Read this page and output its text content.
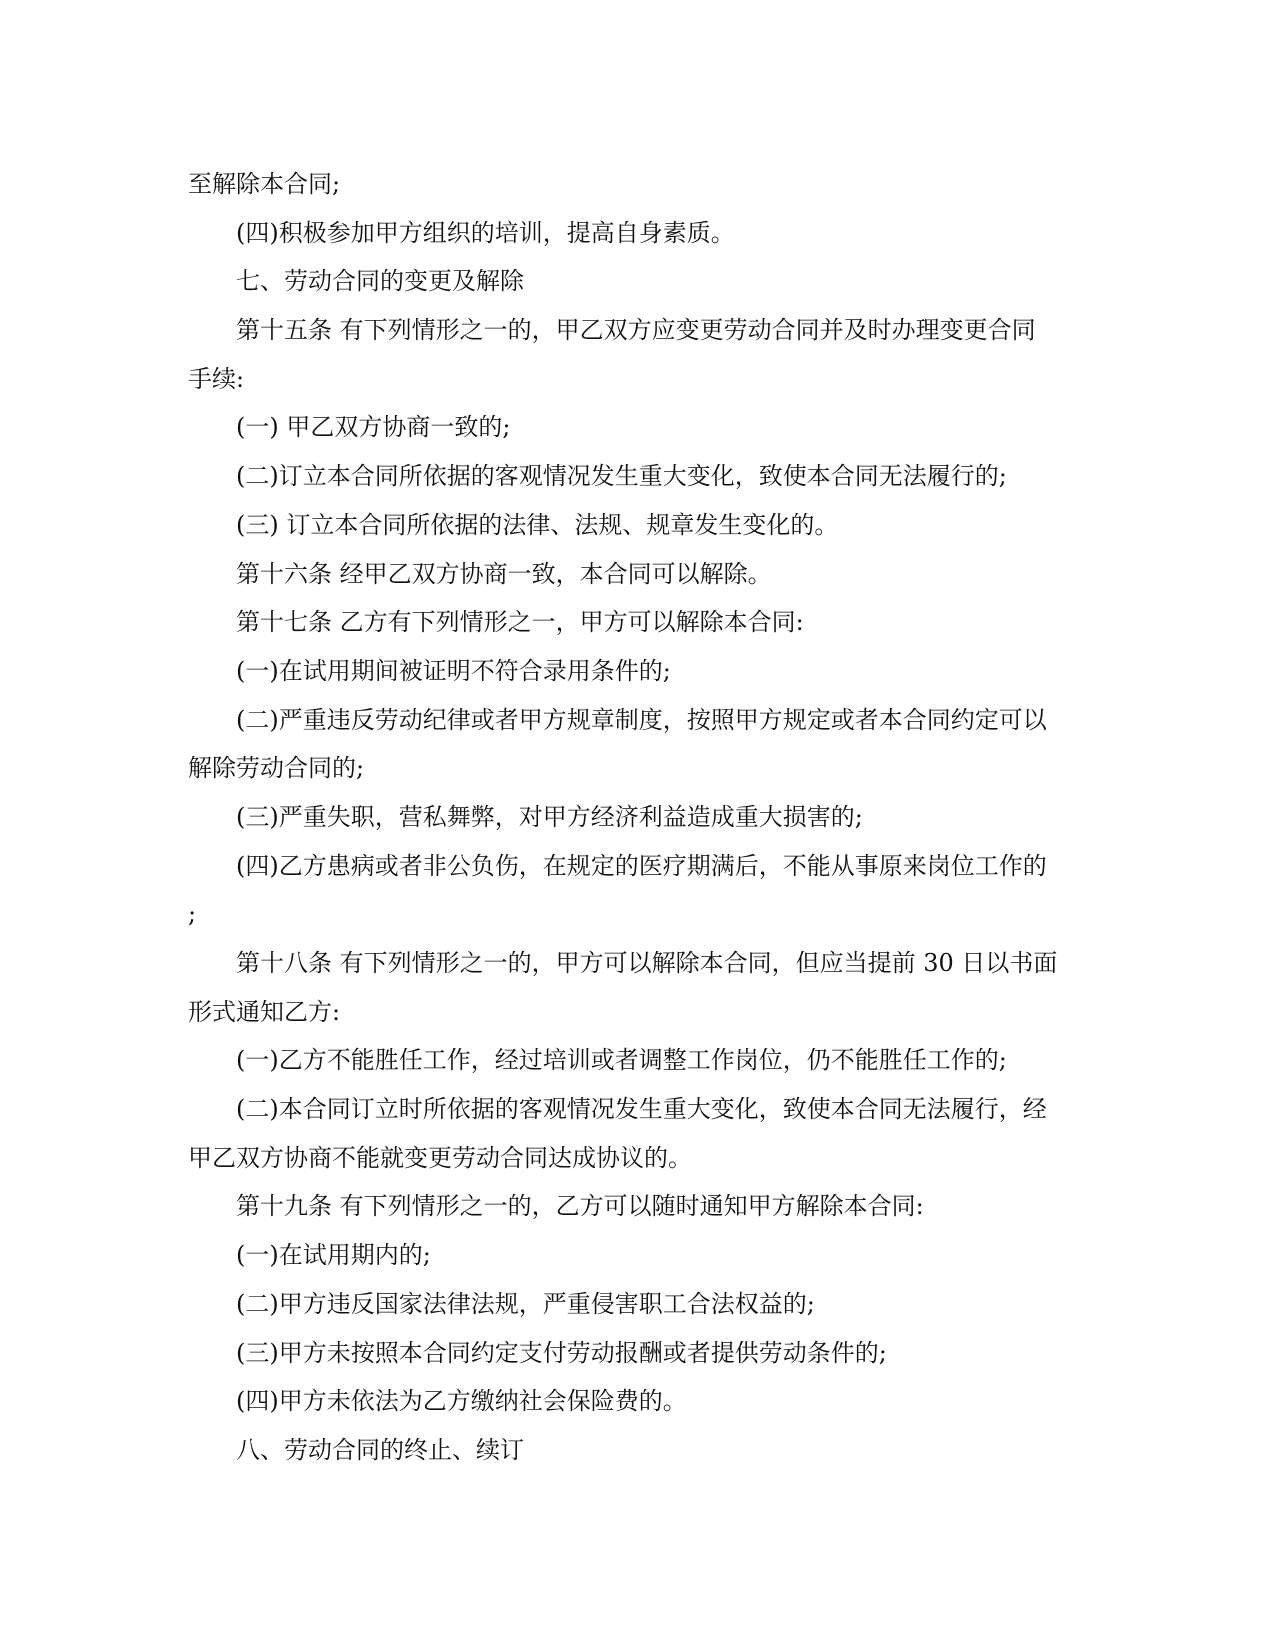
至解除本合同;
(四)积极参加甲方组织的培训，提高自身素质。
七、劳动合同的变更及解除
第十五条 有下列情形之一的，甲乙双方应变更劳动合同并及时办理变更合同
手续:
(一) 甲乙双方协商一致的;
(二)订立本合同所依据的客观情况发生重大变化，致使本合同无法履行的;
(三) 订立本合同所依据的法律、法规、规章发生变化的。
第十六条 经甲乙双方协商一致，本合同可以解除。
第十七条 乙方有下列情形之一，甲方可以解除本合同:
(一)在试用期间被证明不符合录用条件的;
(二)严重违反劳动纪律或者甲方规章制度，按照甲方规定或者本合同约定可以
解除劳动合同的;
(三)严重失职，营私舞弊，对甲方经济利益造成重大损害的;
(四)乙方患病或者非公负伤，在规定的医疗期满后，不能从事原来岗位工作的
;
第十八条 有下列情形之一的，甲方可以解除本合同，但应当提前 30 日以书面
形式通知乙方:
(一)乙方不能胜任工作，经过培训或者调整工作岗位，仍不能胜任工作的;
(二)本合同订立时所依据的客观情况发生重大变化，致使本合同无法履行，经
甲乙双方协商不能就变更劳动合同达成协议的。
第十九条 有下列情形之一的，乙方可以随时通知甲方解除本合同:
(一)在试用期内的;
(二)甲方违反国家法律法规，严重侵害职工合法权益的;
(三)甲方未按照本合同约定支付劳动报酬或者提供劳动条件的;
(四)甲方未依法为乙方缴纳社会保险费的。
八、劳动合同的终止、续订
